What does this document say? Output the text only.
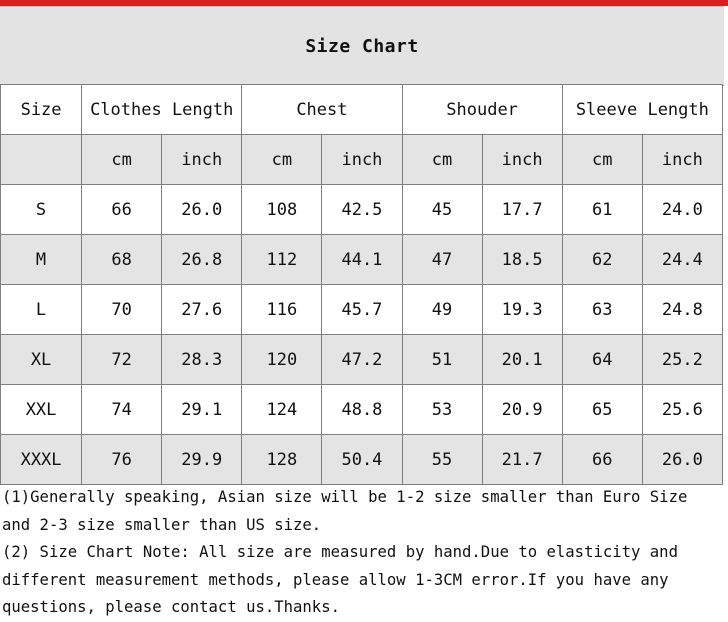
Size Chart
Size	Clothes Length		Chest		Shouder		Sleeve Length	
	cm	inch	cm	inch	cm	inch	cm	inch
S	66	26.0	108	42.5	45	17.7	61	24.0
M	68	26.8	112	44.1	47	18.5	62	24.4
L	70	27.6	116	45.7	49	19.3	63	24.8
XL	72	28.3	120	47.2	51	20.1	64	25.2
XXL	74	29.1	124	48.8	53	20.9	65	25.6
XXXL	76	29.9	128	50.4	55	21.7	66	26.0

(1)Generally speaking, Asian size will be 1-2 size smaller than Euro Size and 2-3 size smaller than US size.

(2) Size Chart Note: All size are measured by hand.Due to elasticity and different measurement methods, please allow 1-3CM error.If you have any questions, please contact us.Thanks.
